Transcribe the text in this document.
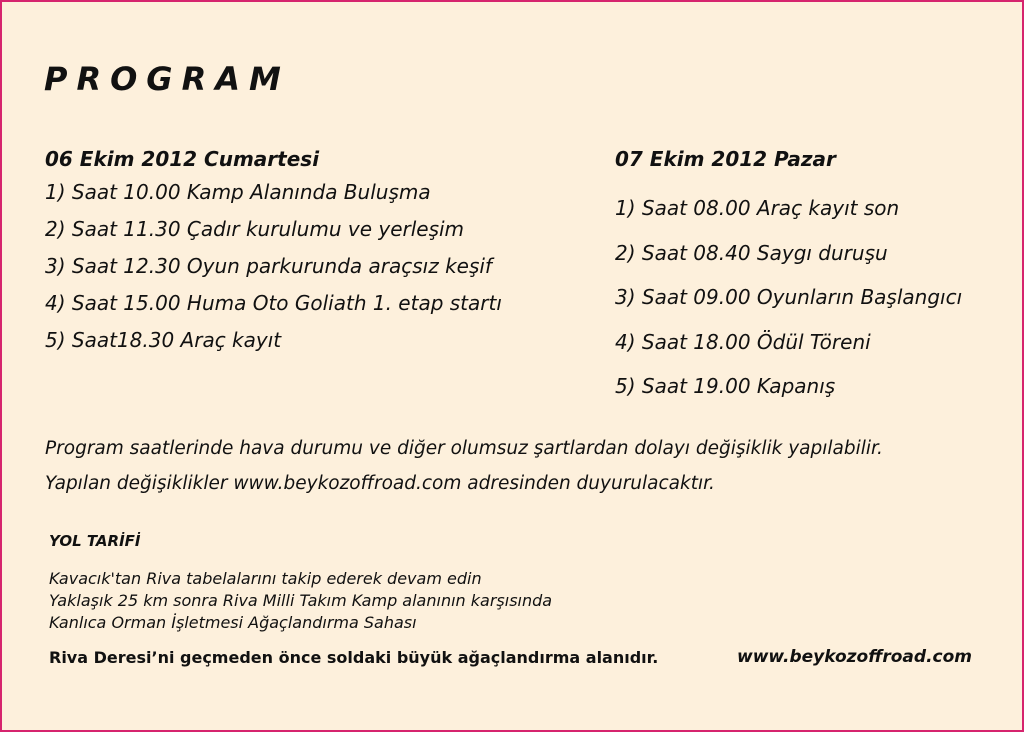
PROGRAM
06 Ekim 2012 Cumartesi
1) Saat 10.00 Kamp Alanında Buluşma
2) Saat 11.30 Çadır kurulumu ve yerleşim
3) Saat 12.30 Oyun parkurunda araçsız keşif
4) Saat 15.00 Huma Oto Goliath 1. etap startı
5) Saat18.30 Araç kayıt
07 Ekim 2012 Pazar
1) Saat 08.00 Araç kayıt son
2) Saat 08.40 Saygı duruşu
3) Saat 09.00 Oyunların Başlangıcı
4) Saat 18.00 Ödül Töreni
5) Saat 19.00 Kapanış
Program saatlerinde hava durumu ve diğer olumsuz şartlardan dolayı değişiklik yapılabilir.
Yapılan değişiklikler www.beykozoffroad.com adresinden duyurulacaktır.
YOL TARİFİ
Kavacık'tan Riva tabelalarını takip ederek devam edin
Yaklaşık 25 km sonra Riva Milli Takım Kamp alanının karşısında
Kanlıca Orman İşletmesi Ağaçlandırma Sahası
Riva Deresi’ni geçmeden önce soldaki büyük ağaçlandırma alanıdır.	www.beykozoffroad.com
